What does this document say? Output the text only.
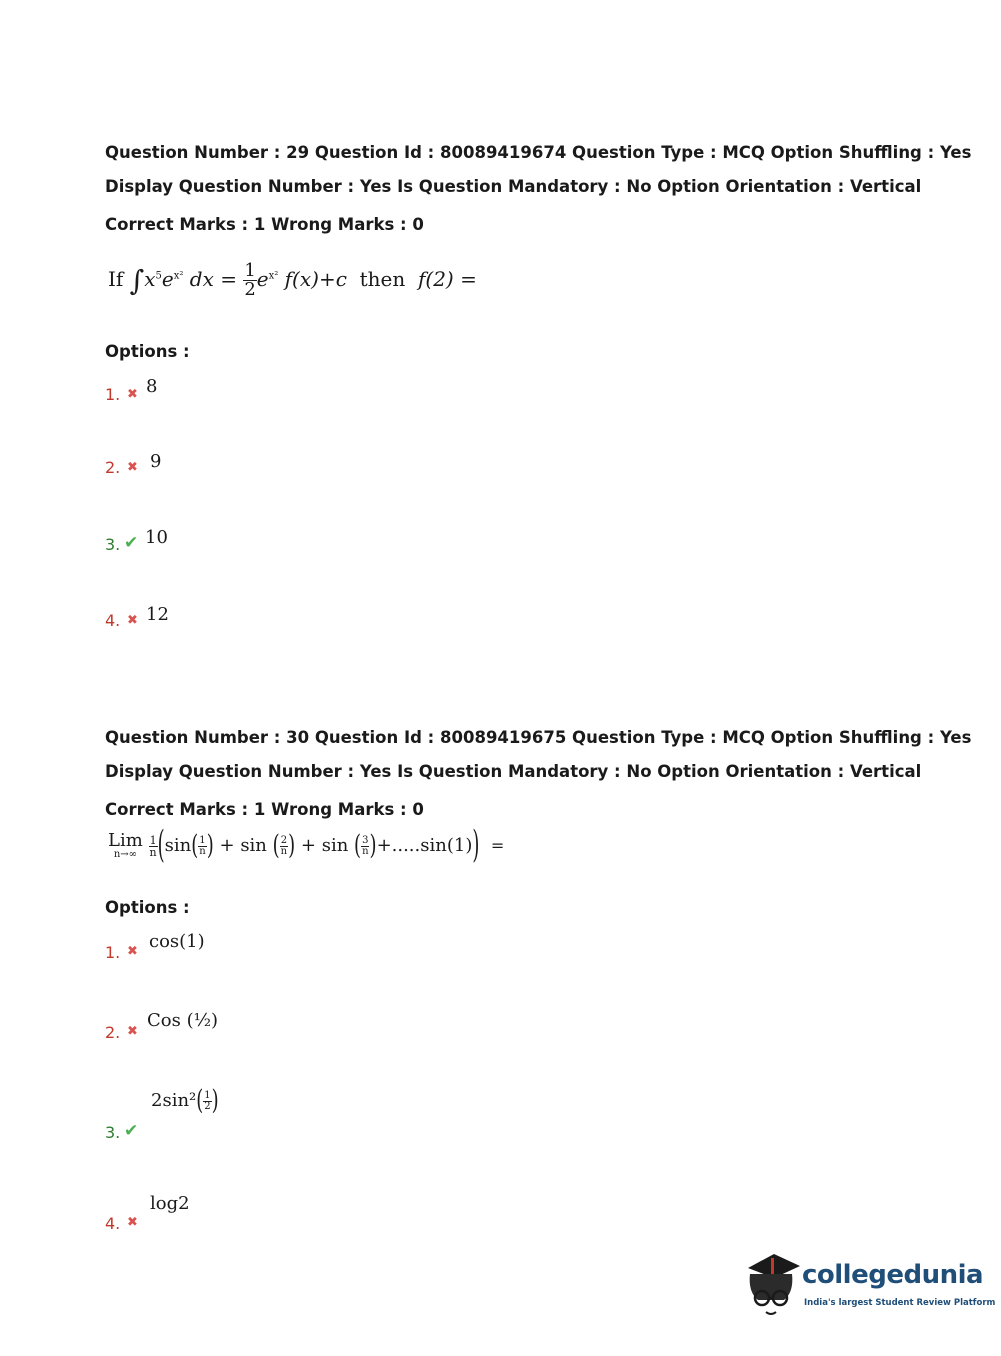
Question Number : 29 Question Id : 80089419674 Question Type : MCQ Option Shuffling : Yes
Display Question Number : Yes Is Question Mandatory : No Option Orientation : Vertical
Correct Marks : 1 Wrong Marks : 0
If $\int x^5e^{x^2}$ dx = $\frac{1}{2} e^{x^2}$ f(x)+c then f(2) =
Options :
1. ✖ 8
2. ✖ 9
3. ✔ 10
4. ✖ 12
Question Number : 30 Question Id : 80089419675 Question Type : MCQ Option Shuffling : Yes
Display Question Number : Yes Is Question Mandatory : No Option Orientation : Vertical
Correct Marks : 1 Wrong Marks : 0
Lim
n→∞
$\frac{1}{n} (\sin( \frac{1}{n}$ ) + sin ( $\frac{2}{n}$ ) + sin ( $\frac{3}{n} )+.....\sin(1)$) =
Options :
1. ✖ cos(1)
2. ✖
Cos (½)
3. ✔
$2\sin^2( \frac{1}{2}$ )
4. ✖
log2
collegedunia
India's largest Student Review Platform
